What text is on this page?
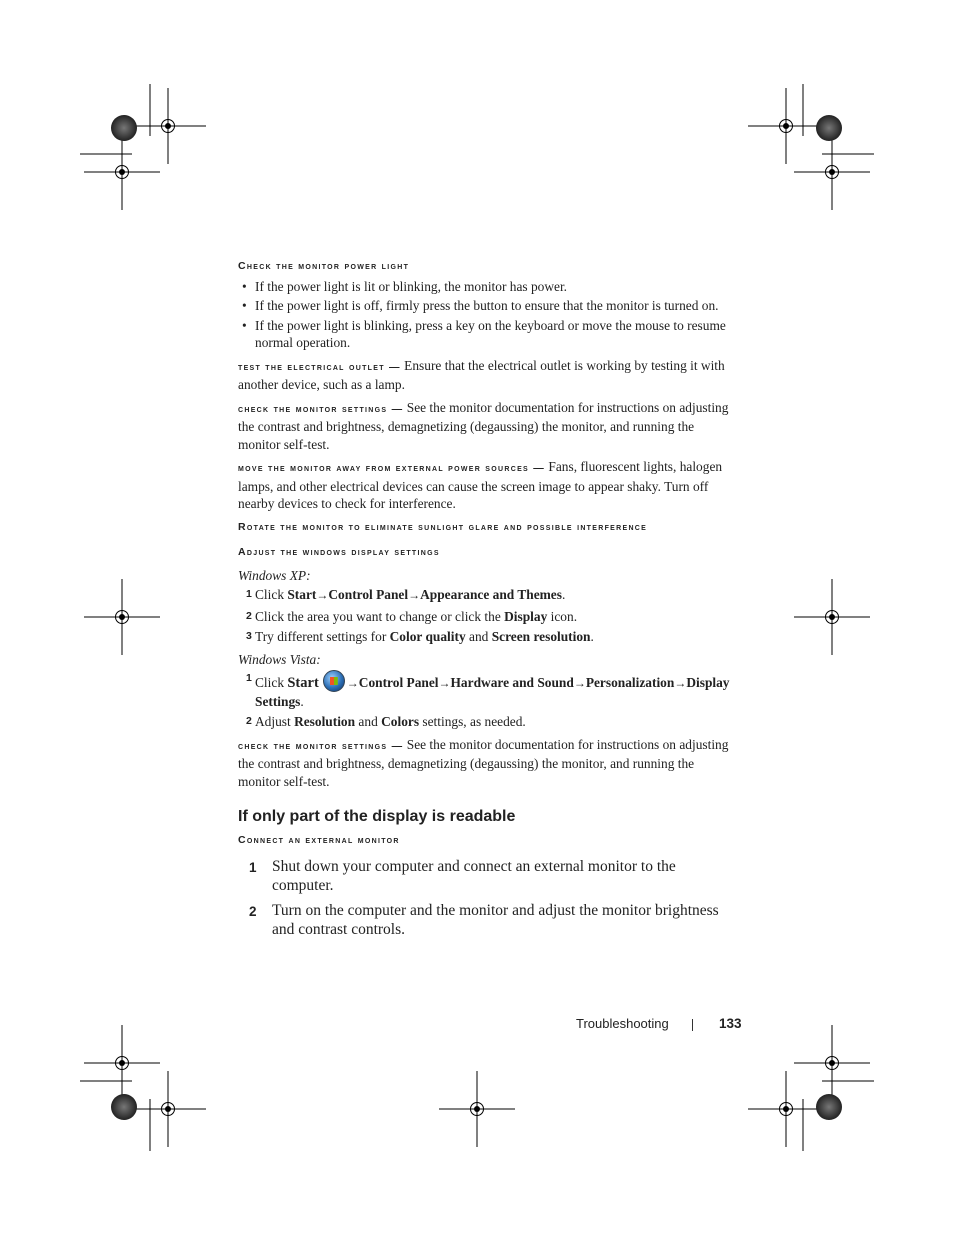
Check the monitor power light
• If the power light is lit or blinking, the monitor has power.
• If the power light is off, firmly press the button to ensure that the monitor is turned on.
• If the power light is blinking, press a key on the keyboard or move the mouse to resume normal operation.

test the electrical outlet — Ensure that the electrical outlet is working by testing it with another device, such as a lamp.

check the monitor settings — See the monitor documentation for instructions on adjusting the contrast and brightness, demagnetizing (degaussing) the monitor, and running the monitor self-test.

move the monitor away from external power sources — Fans, fluorescent lights, halogen lamps, and other electrical devices can cause the screen image to appear shaky. Turn off nearby devices to check for interference.

Rotate the monitor to eliminate sunlight glare and possible interference
Adjust the windows display settings
Windows XP:
1 Click Start→Control Panel→Appearance and Themes.
2 Click the area you want to change or click the Display icon.
3 Try different settings for Color quality and Screen resolution.
Windows Vista:
1 Click Start →Control Panel→Hardware and Sound→Personalization→Display Settings.
2 Adjust Resolution and Colors settings, as needed.

check the monitor settings — See the monitor documentation for instructions on adjusting the contrast and brightness, demagnetizing (degaussing) the monitor, and running the monitor self-test.

If only part of the display is readable
Connect an external monitor
1 Shut down your computer and connect an external monitor to the computer.
2 Turn on the computer and the monitor and adjust the monitor brightness and contrast controls.
Troubleshooting	133
